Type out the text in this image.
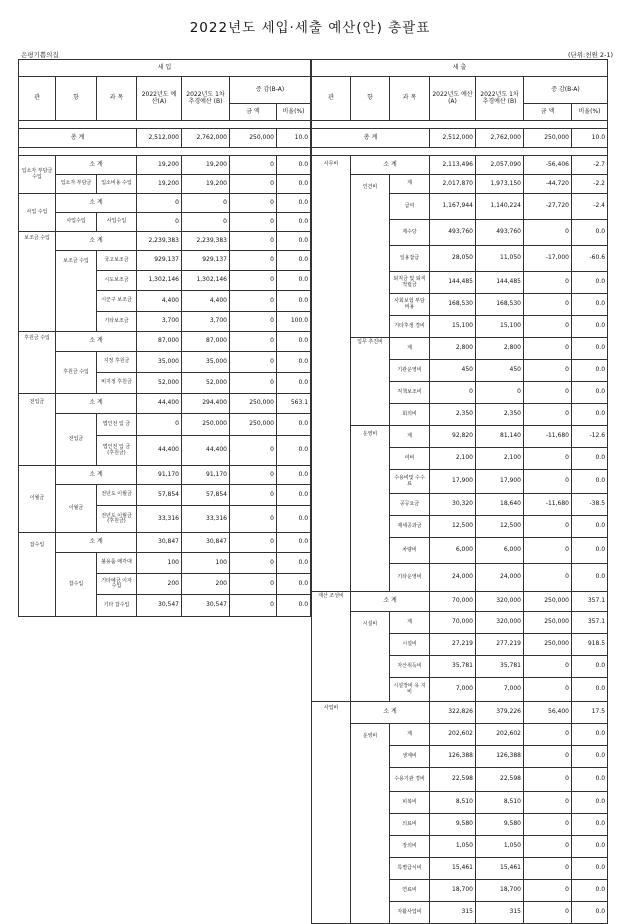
2022년도 세입·세출 예산(안) 총괄표
은평기쁨의집	(단위:천원 2-1)
세 입						
관	항	과 목	2022년도 예산(A)	2022년도 1차추경예산 (B)	증 감(B-A)	
					금 액	비율(%)

총 계			2,512,000	2,762,000	250,000	10.0

입소자 부담금 수입	소 계		19,200	19,200	0	0.0
	입소자 부담금	입소비용 수입	19,200	19,200	0	0.0
사업 수입	소 계		0	0	0	0.0
	사업수입	사업수입	0	0	0	0.0
보조금 수입	소 계		2,239,383	2,239,383	0	0.0
	보조금 수입	국고보조금	929,137	929,137	0	0.0
		시도보조금	1,302,146	1,302,146	0	0.0
		시군구 보조금	4,400	4,400	0	0.0
		기타보조금	3,700	3,700	0	100.0
후원금 수입	소 계		87,000	87,000	0	0.0
	후원금 수입	지정 후원금	35,000	35,000	0	0.0
		비지정 후원금	52,000	52,000	0	0.0
전입금	소 계		44,400	294,400	250,000	563.1
	전입금	법인전 입 금	0	250,000	250,000	0.0
		법인전 입 금 (후원금)	44,400	44,400	0	0.0
이월금	소 계		91,170	91,170	0	0.0
	이월금	전년도 이월금	57,854	57,854	0	0.0
		전년도 이월금 (후원금)	33,316	33,316	0	0.0
잡수입	소 계		30,847	30,847	0	0.0
	잡수입	불용품 매각대	100	100	0	0.0
		기타예금 이자수입	200	200	0	0.0
		기타 잡수입	30,547	30,547	0	0.0
세 출						
관	항	과 목	2022년도 예산(A)	2022년도 1차추경예산 (B)	증 감(B-A)	
					금 액	비율(%)

총 계			2,512,000	2,762,000	250,000	10.0

사무비	소 계		2,113,496	2,057,090	-56,406	-2.7
	인건비	계	2,017,870	1,973,150	-44,720	-2.2
		급여	1,167,944	1,140,224	-27,720	-2.4
		제수당	493,760	493,760	0	0.0
		일용잡급	28,050	11,050	-17,000	-60.6
		퇴직금 및 퇴직적립금	144,485	144,485	0	0.0
		사회보험 부담비용	168,530	168,530	0	0.0
		기타후생 경비	15,100	15,100	0	0.0
	업무 추진비	계	2,800	2,800	0	0.0
		기관운영비	450	450	0	0.0
		직책보조비	0	0	0	0.0
		회의비	2,350	2,350	0	0.0
	운영비	계	92,820	81,140	-11,680	-12.6
		여비	2,100	2,100	0	0.0
		수용비및 수수료	17,900	17,900	0	0.0
		공공요금	30,320	18,640	-11,680	-38.5
		제세공과금	12,500	12,500	0	0.0
		차량비	6,000	6,000	0	0.0
		기타운영비	24,000	24,000	0	0.0
재산 조성비	소 계		70,000	320,000	250,000	357.1
	시설비	계	70,000	320,000	250,000	357.1
		시설비	27,219	277,219	250,000	918.5
		자산취득비	35,781	35,781	0	0.0
		시설장비 유 지 비	7,000	7,000	0	0.0
사업비	소 계		322,826	379,226	56,400	17.5
	운영비	계	202,602	202,602	0	0.0
		생계비	126,388	126,388	0	0.0
		수용기관 경비	22,598	22,598	0	0.0
		피복비	8,510	8,510	0	0.0
		의료비	9,580	9,580	0	0.0
		장의비	1,050	1,050	0	0.0
		특별급식비	15,461	15,461	0	0.0
		연료비	18,700	18,700	0	0.0
		자활사업비	315	315	0	0.0
